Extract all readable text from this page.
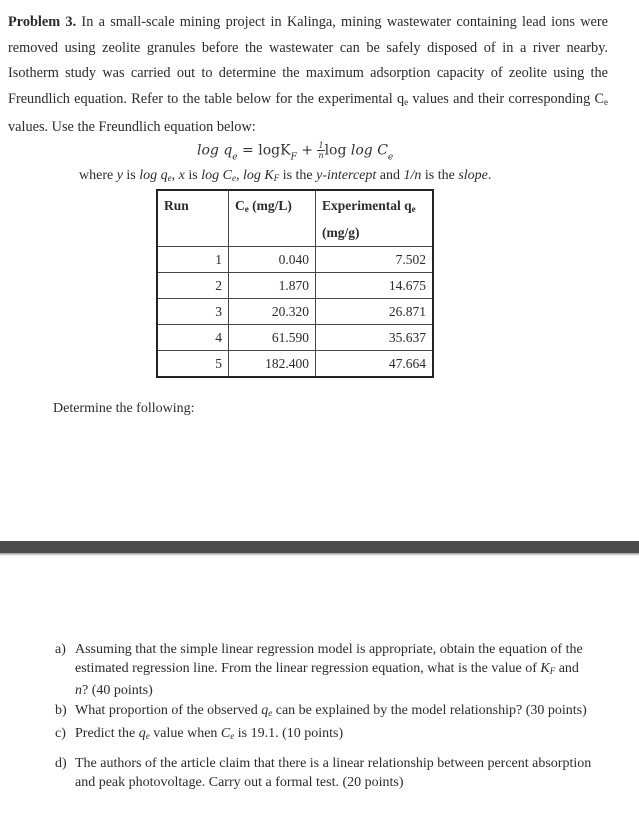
Problem 3. In a small-scale mining project in Kalinga, mining wastewater containing lead ions were removed using zeolite granules before the wastewater can be safely disposed of in a river nearby. Isotherm study was carried out to determine the maximum adsorption capacity of zeolite using the Freundlich equation. Refer to the table below for the experimental $q_e$ values and their corresponding $C_e$ values. Use the Freundlich equation below:
$\log q_e = \log K_F + \frac{1}{n}$ $\log \log C_e$
where y is $\log q_e$, x is $\log C_e$, $\log K_F$ is the y-intercept and 1/n is the slope.
Run	$C_e$ (mg/L)	Experimental $q_e$
(mg/g)
1	0.040	7.502
2	1.870	14.675
3	20.320	26.871
4	61.590	35.637
5	182.400	47.664
Determine the following:
a) Assuming that the simple linear regression model is appropriate, obtain the equation of the estimated regression line. From the linear regression equation, what is the value of $K_F$ and n? (40 points)
b) What proportion of the observed $q_e$ can be explained by the model relationship? (30 points)
c) Predict the $q_e$ value when $C_e$ is 19.1. (10 points)
d) The authors of the article claim that there is a linear relationship between percent absorption and peak photovoltage. Carry out a formal test. (20 points)
